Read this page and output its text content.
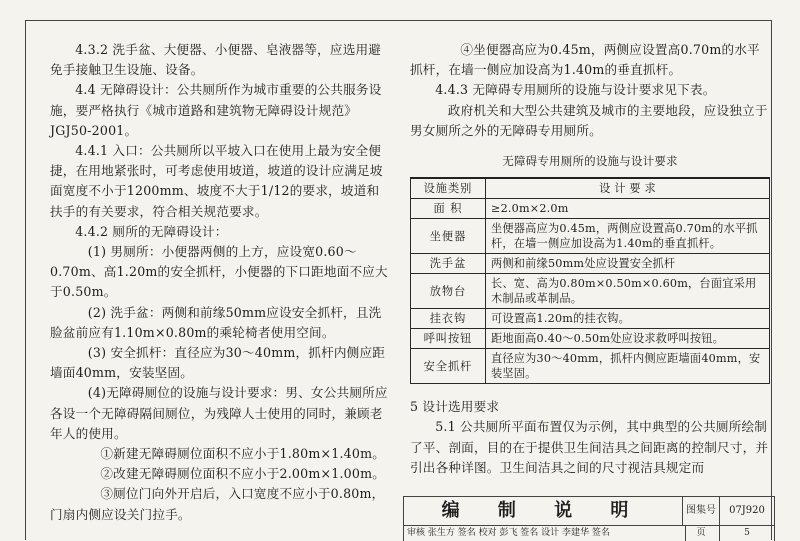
4.3.2 洗手盆、大便器、小便器、皂液器等，应选用避免手接触卫生设施、设备。

4.4 无障碍设计：公共厕所作为城市重要的公共服务设施，要严格执行《城市道路和建筑物无障碍设计规范》JGJ50-2001。

4.4.1 入口：公共厕所以平坡入口在使用上最为安全便捷，在用地紧张时，可考虑使用坡道，坡道的设计应满足坡面宽度不小于1200mm、坡度不大于1/12的要求，坡道和扶手的有关要求，符合相关规范要求。

4.4.2 厕所的无障碍设计：

(1) 男厕所：小便器两侧的上方，应设宽0.60～0.70m、高1.20m的安全抓杆，小便器的下口距地面不应大于0.50m。

(2) 洗手盆：两侧和前缘50mm应设安全抓杆，且洗脸盆前应有1.10m×0.80m的乘轮椅者使用空间。

(3) 安全抓杆：直径应为30～40mm，抓杆内侧应距墙面40mm，安装坚固。

(4)无障碍厕位的设施与设计要求：男、女公共厕所应各设一个无障碍隔间厕位，为残障人士使用的同时，兼顾老年人的使用。

①新建无障碍厕位面积不应小于1.80m×1.40m。

②改建无障碍厕位面积不应小于2.00m×1.00m。

③厕位门向外开启后，入口宽度不应小于0.80m，门扇内侧应设关门拉手。

④坐便器高应为0.45m，两侧应设置高0.70m的水平抓杆，在墙一侧应加设高为1.40m的垂直抓杆。

4.4.3 无障碍专用厕所的设施与设计要求见下表。

政府机关和大型公共建筑及城市的主要地段，应设独立于男女厕所之外的无障碍专用厕所。

无障碍专用厕所的设施与设计要求
设施类别	设 计 要 求
面 积	≥2.0m×2.0m
坐便器	坐便器高应为0.45m，两侧应设置高0.70m的水平抓杆，在墙一侧应加设高为1.40m的垂直抓杆。
洗手盆	两侧和前缘50mm处应设置安全抓杆
放物台	长、宽、高为0.80m×0.50m×0.60m，台面宜采用木制品或革制品。
挂衣钩	可设置高1.20m的挂衣钩。
呼叫按钮	距地面高0.40～0.50m处应设求救呼叫按钮。
安全抓杆	直径应为30～40mm，抓杆内侧应距墙面40mm，安装坚固。

5 设计选用要求

5.1 公共厕所平面布置仅为示例，其中典型的公共厕所绘制了平、剖面，目的在于提供卫生间洁具之间距离的控制尺寸，并引出各种详图。卫生间洁具之间的尺寸视洁具规定而

编 制 说 明	图集号	07J920
审核 张生方 签名 校对 彭飞 签名 设计 李建华 签名	页	5
